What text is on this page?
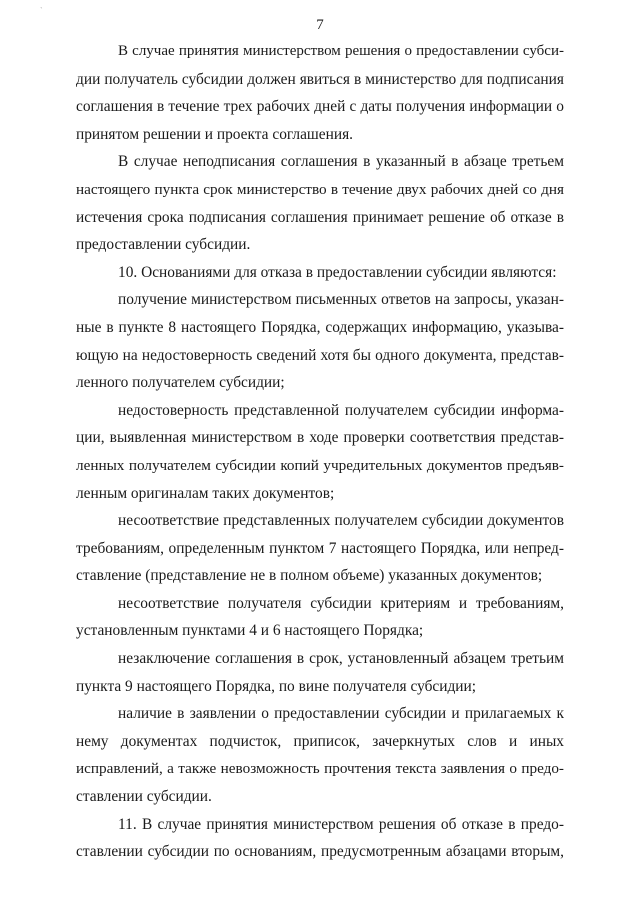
`
7
В случае принятия министерством решения о предоставлении субси-
дии получатель субсидии должен явиться в министерство для подписания
соглашения в течение трех рабочих дней с даты получения информации о
принятом решении и проекта соглашения.
В случае неподписания соглашения в указанный в абзаце третьем
настоящего пункта срок министерство в течение двух рабочих дней со дня
истечения срока подписания соглашения принимает решение об отказе в
предоставлении субсидии.
10. Основаниями для отказа в предоставлении субсидии являются:
получение министерством письменных ответов на запросы, указан-
ные в пункте 8 настоящего Порядка, содержащих информацию, указыва-
ющую на недостоверность сведений хотя бы одного документа, представ-
ленного получателем субсидии;
недостоверность представленной получателем субсидии информа-
ции, выявленная министерством в ходе проверки соответствия представ-
ленных получателем субсидии копий учредительных документов предъяв-
ленным оригиналам таких документов;
несоответствие представленных получателем субсидии документов
требованиям, определенным пунктом 7 настоящего Порядка, или непред-
ставление (представление не в полном объеме) указанных документов;
несоответствие получателя субсидии критериям и требованиям,
установленным пунктами 4 и 6 настоящего Порядка;
незаключение соглашения в срок, установленный абзацем третьим
пункта 9 настоящего Порядка, по вине получателя субсидии;
наличие в заявлении о предоставлении субсидии и прилагаемых к
нему документах подчисток, приписок, зачеркнутых слов и иных
исправлений, а также невозможность прочтения текста заявления о предо-
ставлении субсидии.
11. В случае принятия министерством решения об отказе в предо-
ставлении субсидии по основаниям, предусмотренным абзацами вторым,
